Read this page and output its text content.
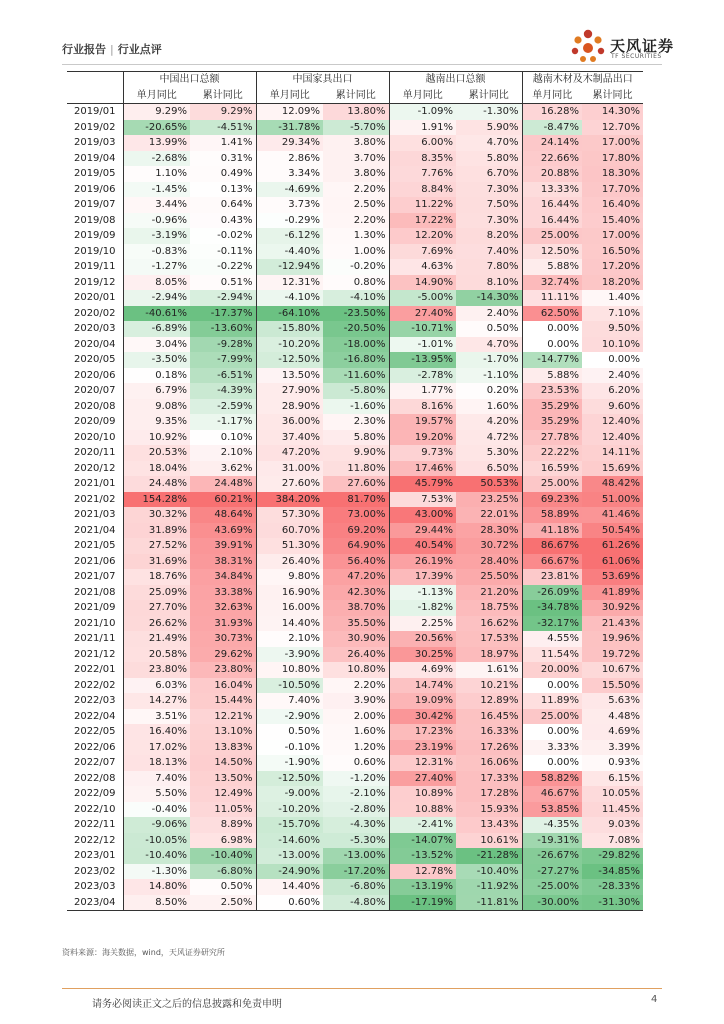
行业报告 | 行业点评	天风证券
TF SECURITIES
	中国出口总额		中国家具出口		越南出口总额		越南木材及木制品出口	
	单月同比	累计同比	单月同比	累计同比	单月同比	累计同比	单月同比	累计同比
2019/01	9.29%	9.29%	12.09%	13.80%	-1.09%	-1.30%	16.28%	14.30%
2019/02	-20.65%	-4.51%	-31.78%	-5.70%	1.91%	5.90%	-8.47%	12.70%
2019/03	13.99%	1.41%	29.34%	3.80%	6.00%	4.70%	24.14%	17.00%
2019/04	-2.68%	0.31%	2.86%	3.70%	8.35%	5.80%	22.66%	17.80%
2019/05	1.10%	0.49%	3.34%	3.80%	7.76%	6.70%	20.88%	18.30%
2019/06	-1.45%	0.13%	-4.69%	2.20%	8.84%	7.30%	13.33%	17.70%
2019/07	3.44%	0.64%	3.73%	2.50%	11.22%	7.50%	16.44%	16.40%
2019/08	-0.96%	0.43%	-0.29%	2.20%	17.22%	7.30%	16.44%	15.40%
2019/09	-3.19%	-0.02%	-6.12%	1.30%	12.20%	8.20%	25.00%	17.00%
2019/10	-0.83%	-0.11%	-4.40%	1.00%	7.69%	7.40%	12.50%	16.50%
2019/11	-1.27%	-0.22%	-12.94%	-0.20%	4.63%	7.80%	5.88%	17.20%
2019/12	8.05%	0.51%	12.31%	0.80%	14.90%	8.10%	32.74%	18.20%
2020/01	-2.94%	-2.94%	-4.10%	-4.10%	-5.00%	-14.30%	11.11%	1.40%
2020/02	-40.61%	-17.37%	-64.10%	-23.50%	27.40%	2.40%	62.50%	7.10%
2020/03	-6.89%	-13.60%	-15.80%	-20.50%	-10.71%	0.50%	0.00%	9.50%
2020/04	3.04%	-9.28%	-10.20%	-18.00%	-1.01%	4.70%	0.00%	10.10%
2020/05	-3.50%	-7.99%	-12.50%	-16.80%	-13.95%	-1.70%	-14.77%	0.00%
2020/06	0.18%	-6.51%	13.50%	-11.60%	-2.78%	-1.10%	5.88%	2.40%
2020/07	6.79%	-4.39%	27.90%	-5.80%	1.77%	0.20%	23.53%	6.20%
2020/08	9.08%	-2.59%	28.90%	-1.60%	8.16%	1.60%	35.29%	9.60%
2020/09	9.35%	-1.17%	36.00%	2.30%	19.57%	4.20%	35.29%	12.40%
2020/10	10.92%	0.10%	37.40%	5.80%	19.20%	4.72%	27.78%	12.40%
2020/11	20.53%	2.10%	47.20%	9.90%	9.73%	5.30%	22.22%	14.11%
2020/12	18.04%	3.62%	31.00%	11.80%	17.46%	6.50%	16.59%	15.69%
2021/01	24.48%	24.48%	27.60%	27.60%	45.79%	50.53%	25.00%	48.42%
2021/02	154.28%	60.21%	384.20%	81.70%	7.53%	23.25%	69.23%	51.00%
2021/03	30.32%	48.64%	57.30%	73.00%	43.00%	22.01%	58.89%	41.46%
2021/04	31.89%	43.69%	60.70%	69.20%	29.44%	28.30%	41.18%	50.54%
2021/05	27.52%	39.91%	51.30%	64.90%	40.54%	30.72%	86.67%	61.26%
2021/06	31.69%	38.31%	26.40%	56.40%	26.19%	28.40%	66.67%	61.06%
2021/07	18.76%	34.84%	9.80%	47.20%	17.39%	25.50%	23.81%	53.69%
2021/08	25.09%	33.38%	16.90%	42.30%	-1.13%	21.20%	-26.09%	41.89%
2021/09	27.70%	32.63%	16.00%	38.70%	-1.82%	18.75%	-34.78%	30.92%
2021/10	26.62%	31.93%	14.40%	35.50%	2.25%	16.62%	-32.17%	21.43%
2021/11	21.49%	30.73%	2.10%	30.90%	20.56%	17.53%	4.55%	19.96%
2021/12	20.58%	29.62%	-3.90%	26.40%	30.25%	18.97%	11.54%	19.72%
2022/01	23.80%	23.80%	10.80%	10.80%	4.69%	1.61%	20.00%	10.67%
2022/02	6.03%	16.04%	-10.50%	2.20%	14.74%	10.21%	0.00%	15.50%
2022/03	14.27%	15.44%	7.40%	3.90%	19.09%	12.89%	11.89%	5.63%
2022/04	3.51%	12.21%	-2.90%	2.00%	30.42%	16.45%	25.00%	4.48%
2022/05	16.40%	13.10%	0.50%	1.60%	17.23%	16.33%	0.00%	4.69%
2022/06	17.02%	13.83%	-0.10%	1.20%	23.19%	17.26%	3.33%	3.39%
2022/07	18.13%	14.50%	-1.90%	0.60%	12.31%	16.06%	0.00%	0.93%
2022/08	7.40%	13.50%	-12.50%	-1.20%	27.40%	17.33%	58.82%	6.15%
2022/09	5.50%	12.49%	-9.00%	-2.10%	10.89%	17.28%	46.67%	10.05%
2022/10	-0.40%	11.05%	-10.20%	-2.80%	10.88%	15.93%	53.85%	11.45%
2022/11	-9.06%	8.89%	-15.70%	-4.30%	-2.41%	13.43%	-4.35%	9.03%
2022/12	-10.05%	6.98%	-14.60%	-5.30%	-14.07%	10.61%	-19.31%	7.08%
2023/01	-10.40%	-10.40%	-13.00%	-13.00%	-13.52%	-21.28%	-26.67%	-29.82%
2023/02	-1.30%	-6.80%	-24.90%	-17.20%	12.78%	-10.40%	-27.27%	-34.85%
2023/03	14.80%	0.50%	14.40%	-6.80%	-13.19%	-11.92%	-25.00%	-28.33%
2023/04	8.50%	2.50%	0.60%	-4.80%	-17.19%	-11.81%	-30.00%	-31.30%
资料来源：海关数据，wind，天风证券研究所
请务必阅读正文之后的信息披露和免责申明	4
